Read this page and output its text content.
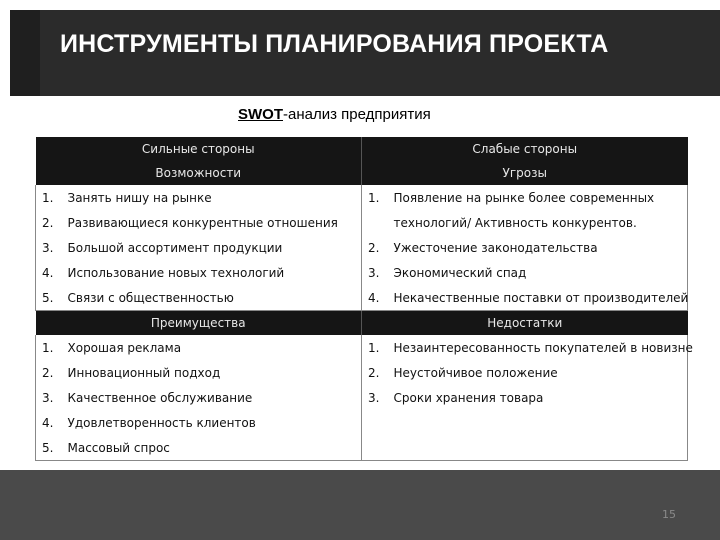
ИНСТРУМЕНТЫ ПЛАНИРОВАНИЯ ПРОЕКТА
SWOT-анализ предприятия
Сильные стороны		Слабые стороны	
Возможности		Угрозы	
1.	Занять нишу на рынке	1.	Появление на рынке более современных
2.	Развивающиеся конкурентные отношения		технологий/ Активность конкурентов.
3.	Большой ассортимент продукции	2.	Ужесточение законодательства
4.	Использование новых технологий	3.	Экономический спад
5.	Связи с общественностью	4.	Некачественные поставки от производителей
Преимущества		Недостатки	
1.	Хорошая реклама	1.	Незаинтересованность покупателей в новизне
2.	Инновационный подход	2.	Неустойчивое положение
3.	Качественное обслуживание	3.	Сроки хранения товара
4.	Удовлетворенность клиентов		
5.	Массовый спрос		
15
